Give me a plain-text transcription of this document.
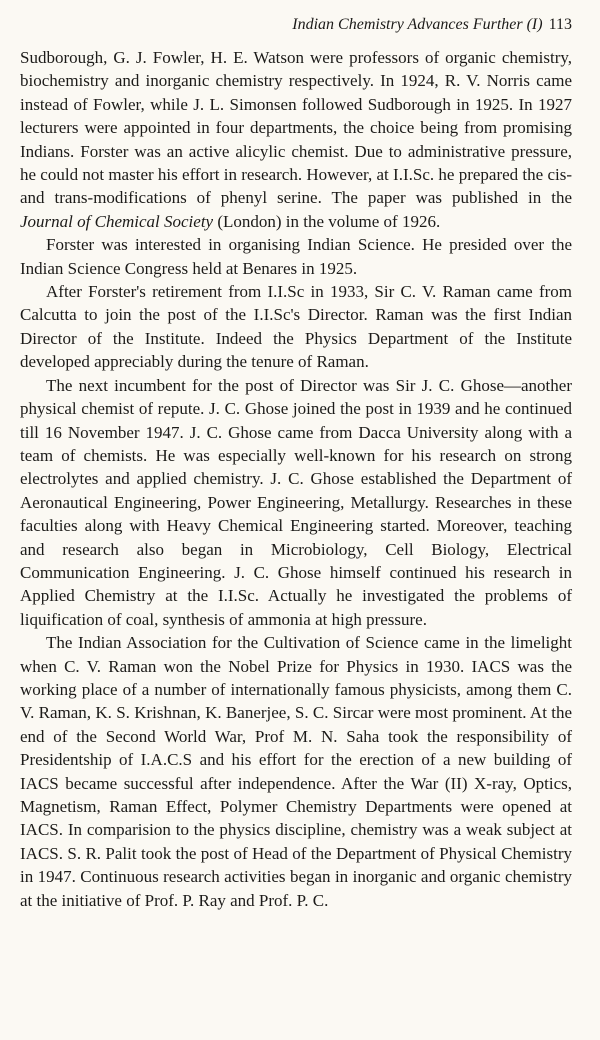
Indian Chemistry Advances Further (I) 113

Sudborough, G. J. Fowler, H. E. Watson were professors of organic chemistry, biochemistry and inorganic chemistry respectively. In 1924, R. V. Norris came instead of Fowler, while J. L. Simonsen followed Sudborough in 1925. In 1927 lecturers were appointed in four departments, the choice being from promising Indians. Forster was an active alicylic chemist. Due to administrative pressure, he could not master his effort in research. However, at I.I.Sc. he prepared the cis-and trans-modifications of phenyl serine. The paper was published in the Journal of Chemical Society (London) in the volume of 1926.

Forster was interested in organising Indian Science. He presided over the Indian Science Congress held at Benares in 1925.

After Forster's retirement from I.I.Sc in 1933, Sir C. V. Raman came from Calcutta to join the post of the I.I.Sc's Director. Raman was the first Indian Director of the Institute. Indeed the Physics Department of the Institute developed appreciably during the tenure of Raman.

The next incumbent for the post of Director was Sir J. C. Ghose—another physical chemist of repute. J. C. Ghose joined the post in 1939 and he continued till 16 November 1947. J. C. Ghose came from Dacca University along with a team of chemists. He was especially well-known for his research on strong electrolytes and applied chemistry. J. C. Ghose established the Department of Aeronautical Engineering, Power Engineering, Metallurgy. Researches in these faculties along with Heavy Chemical Engineering started. Moreover, teaching and research also began in Microbiology, Cell Biology, Electrical Communication Engineering. J. C. Ghose himself continued his research in Applied Chemistry at the I.I.Sc. Actually he investigated the problems of liquification of coal, synthesis of ammonia at high pressure.

The Indian Association for the Cultivation of Science came in the limelight when C. V. Raman won the Nobel Prize for Physics in 1930. IACS was the working place of a number of internationally famous physicists, among them C. V. Raman, K. S. Krishnan, K. Banerjee, S. C. Sircar were most prominent. At the end of the Second World War, Prof M. N. Saha took the responsibility of Presidentship of I.A.C.S and his effort for the erection of a new building of IACS became successful after independence. After the War (II) X-ray, Optics, Magnetism, Raman Effect, Polymer Chemistry Departments were opened at IACS. In comparision to the physics discipline, chemistry was a weak subject at IACS. S. R. Palit took the post of Head of the Department of Physical Chemistry in 1947. Continuous research activities began in inorganic and organic chemistry at the initiative of Prof. P. Ray and Prof. P. C.
